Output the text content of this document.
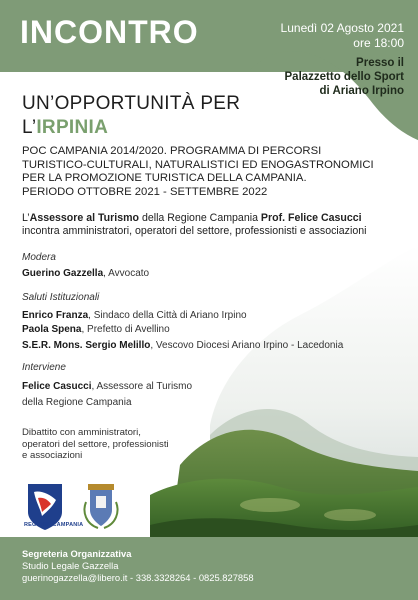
INCONTRO	Lunedì 02 Agosto 2021
ore 18:00
Presso il
Palazzetto dello Sport
di Ariano Irpino
UN’OPPORTUNITÀ PER
L’IRPINIA
POC CAMPANIA 2014/2020. PROGRAMMA DI PERCORSI
TURISTICO-CULTURALI, NATURALISTICI ED ENOGASTRONOMICI
PER LA PROMOZIONE TURISTICA DELLA CAMPANIA.
PERIODO OTTOBRE 2021 - SETTEMBRE 2022
L’Assessore al Turismo della Regione Campania Prof. Felice Casucci
incontra amministratori, operatori del settore, professionisti e associazioni
Modera
Guerino Gazzella, Avvocato
Saluti Istituzionali
Enrico Franza, Sindaco della Città di Ariano Irpino
Paola Spena, Prefetto di Avellino
S.E.R. Mons. Sergio Melillo, Vescovo Diocesi Ariano Irpino - Lacedonia
Interviene
Felice Casucci, Assessore al Turismo
della Regione Campania
Dibattito con amministratori,
operatori del settore, professionisti
e associazioni
REGIONE CAMPANIA
Segreteria Organizzativa
Studio Legale Gazzella
guerinogazzella@libero.it - 338.3328264 - 0825.827858
